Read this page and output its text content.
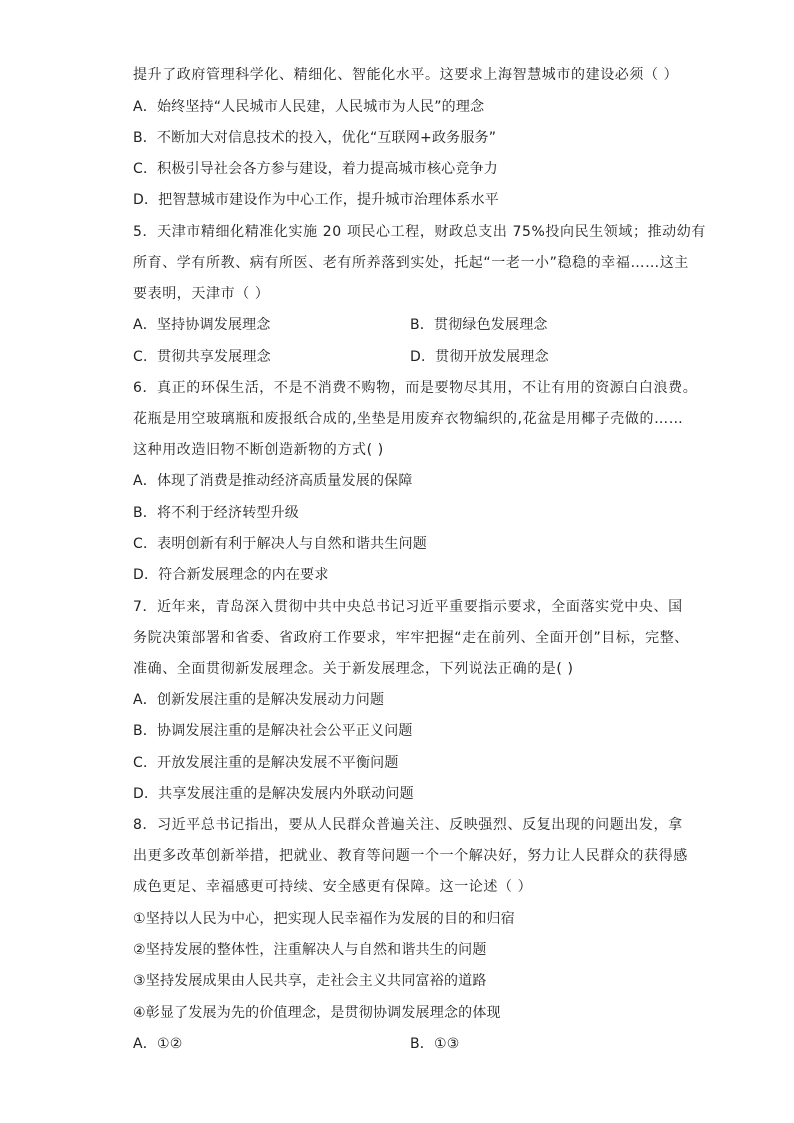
提升了政府管理科学化、精细化、智能化水平。这要求上海智慧城市的建设必须（ ）
A．始终坚持“人民城市人民建，人民城市为人民”的理念
B．不断加大对信息技术的投入，优化“互联网+政务服务”
C．积极引导社会各方参与建设，着力提高城市核心竞争力
D．把智慧城市建设作为中心工作，提升城市治理体系水平
5．天津市精细化精准化实施 20 项民心工程，财政总支出 75%投向民生领域；推动幼有
所育、学有所教、病有所医、老有所养落到实处，托起“一老一小”稳稳的幸福……这主
要表明，天津市（ ）
A．坚持协调发展理念	B．贯彻绿色发展理念
C．贯彻共享发展理念	D．贯彻开放发展理念
6．真正的环保生活，不是不消费不购物，而是要物尽其用，不让有用的资源白白浪费。
花瓶是用空玻璃瓶和废报纸合成的,坐垫是用废弃衣物编织的,花盆是用椰子壳做的……
这种用改造旧物不断创造新物的方式( )
A．体现了消费是推动经济高质量发展的保障
B．将不利于经济转型升级
C．表明创新有利于解决人与自然和谐共生问题
D．符合新发展理念的内在要求
7．近年来，青岛深入贯彻中共中央总书记习近平重要指示要求，全面落实党中央、国
务院决策部署和省委、省政府工作要求，牢牢把握“走在前列、全面开创”目标，完整、
准确、全面贯彻新发展理念。关于新发展理念，下列说法正确的是( )
A．创新发展注重的是解决发展动力问题
B．协调发展注重的是解决社会公平正义问题
C．开放发展注重的是解决发展不平衡问题
D．共享发展注重的是解决发展内外联动问题
8．习近平总书记指出，要从人民群众普遍关注、反映强烈、反复出现的问题出发，拿
出更多改革创新举措，把就业、教育等问题一个一个解决好，努力让人民群众的获得感
成色更足、幸福感更可持续、安全感更有保障。这一论述（ ）
①坚持以人民为中心，把实现人民幸福作为发展的目的和归宿
②坚持发展的整体性，注重解决人与自然和谐共生的问题
③坚持发展成果由人民共享，走社会主义共同富裕的道路
④彰显了发展为先的价值理念，是贯彻协调发展理念的体现
A．①②	B．①③
